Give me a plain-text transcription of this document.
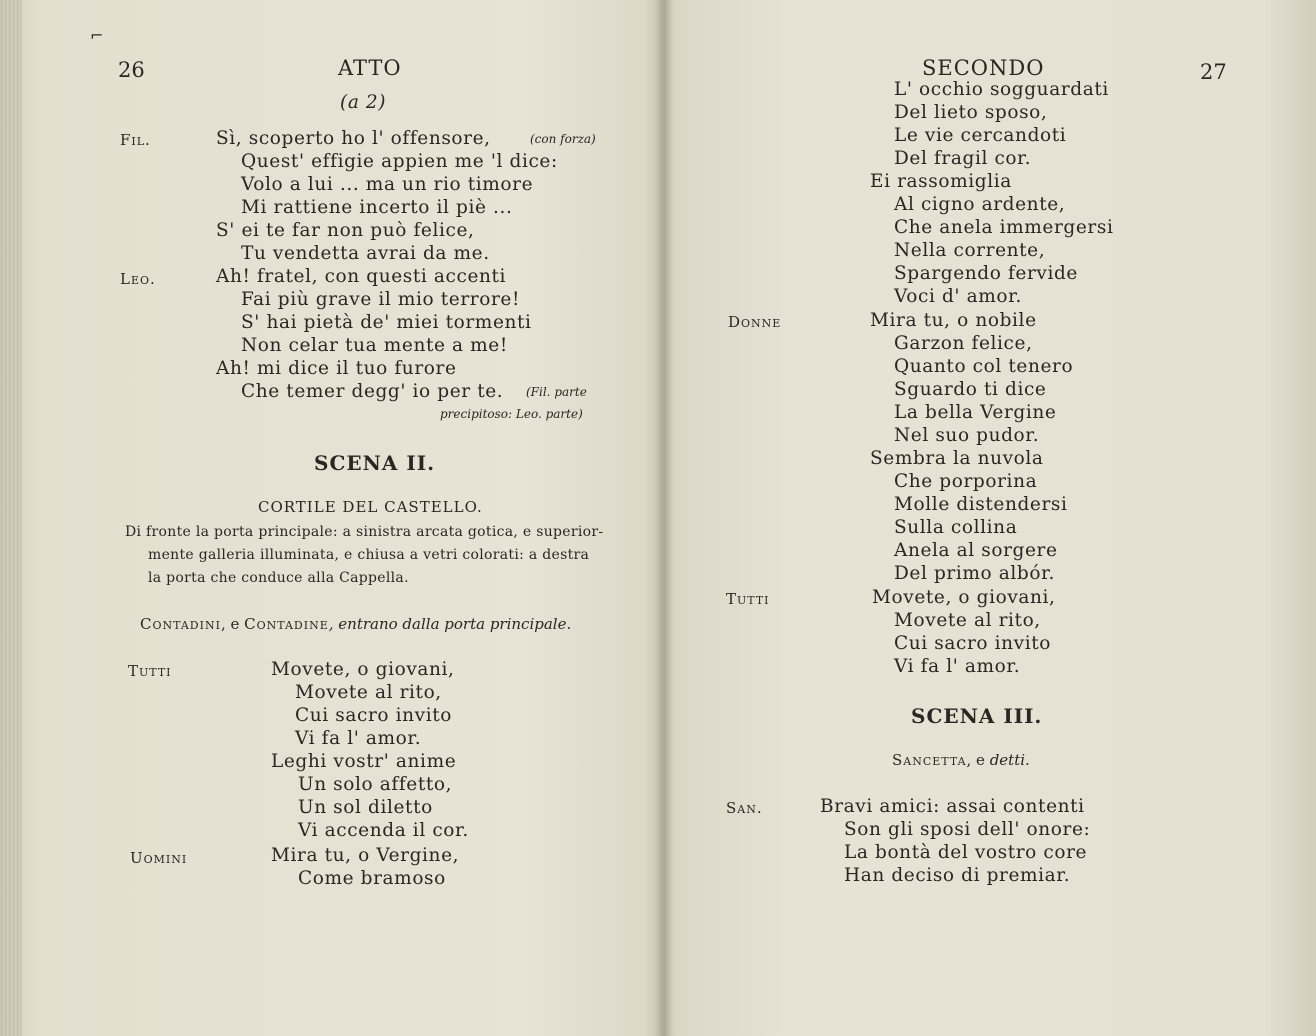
⌐
26	ATTO
(a 2)
Fil.	Sì, scoperto ho l' offensore,	(con forza)
Quest' effigie appien me 'l dice:
Volo a lui ... ma un rio timore
Mi rattiene incerto il piè ...
S' ei te far non può felice,
Tu vendetta avrai da me.
Leo.	Ah! fratel, con questi accenti
Fai più grave il mio terrore!
S' hai pietà de' miei tormenti
Non celar tua mente a me!
Ah! mi dice il tuo furore
Che temer degg' io per te. (Fil. parte
precipitoso: Leo. parte)
SCENA II.
CORTILE DEL CASTELLO.
Di fronte la porta principale: a sinistra arcata gotica, e superior-
mente galleria illuminata, e chiusa a vetri colorati: a destra
la porta che conduce alla Cappella.
Contadini, e Contadine, entrano dalla porta principale.
Tutti	Movete, o giovani,
Movete al rito,
Cui sacro invito
Vi fa l' amor.
Leghi vostr' anime
Un solo affetto,
Un sol diletto
Vi accenda il cor.
Uomini	Mira tu, o Vergine,
Come bramoso
SECONDO	27
L' occhio sogguardati
Del lieto sposo,
Le vie cercandoti
Del fragil cor.
Ei rassomiglia
Al cigno ardente,
Che anela immergersi
Nella corrente,
Spargendo fervide
Voci d' amor.
Donne	Mira tu, o nobile
Garzon felice,
Quanto col tenero
Sguardo ti dice
La bella Vergine
Nel suo pudor.
Sembra la nuvola
Che porporina
Molle distendersi
Sulla collina
Anela al sorgere
Del primo albór.
Tutti	Movete, o giovani,
Movete al rito,
Cui sacro invito
Vi fa l' amor.
SCENA III.
Sancetta, e detti.
San.	Bravi amici: assai contenti
Son gli sposi dell' onore:
La bontà del vostro core
Han deciso di premiar.
